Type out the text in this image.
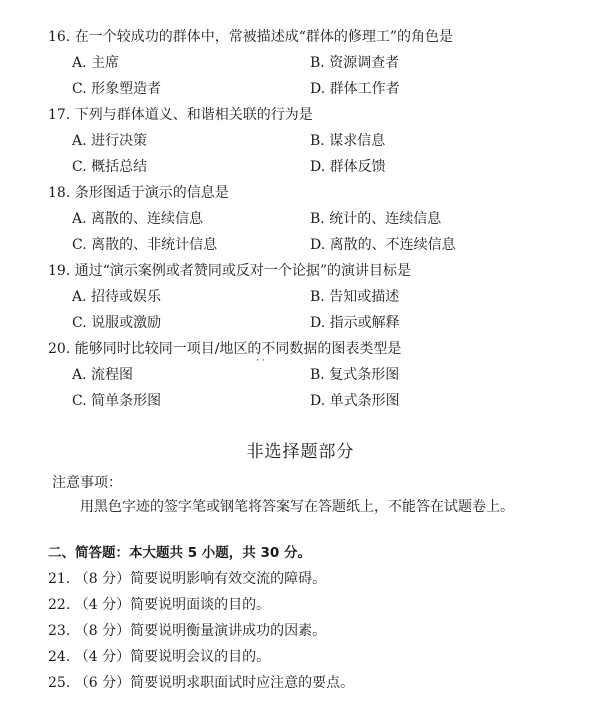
16. 在一个较成功的群体中，常被描述成“群体的修理工”的角色是
A. 主席	B. 资源调查者
C. 形象塑造者	D. 群体工作者
17. 下列与群体道义、和谐相关联的行为是
A. 进行决策	B. 谋求信息
C. 概括总结	D. 群体反馈
18. 条形图适于演示的信息是
A. 离散的、连续信息	B. 统计的、连续信息
C. 离散的、非统计信息	D. 离散的、不连续信息
19. 通过“演示案例或者赞同或反对一个论据”的演讲目标是
A. 招待或娱乐	B. 告知或描述
C. 说服或激励	D. 指示或解释
20. 能够同时比较同一项目/地区的不同数据的图表类型是
· ·
A. 流程图	B. 复式条形图
C. 简单条形图	D. 单式条形图
非选择题部分
注意事项：
用黑色字迹的签字笔或钢笔将答案写在答题纸上，不能答在试题卷上。
二、简答题：本大题共 5 小题，共 30 分。
21. （8 分）简要说明影响有效交流的障碍。
22. （4 分）简要说明面谈的目的。
23. （8 分）简要说明衡量演讲成功的因素。
24. （4 分）简要说明会议的目的。
25. （6 分）简要说明求职面试时应注意的要点。
